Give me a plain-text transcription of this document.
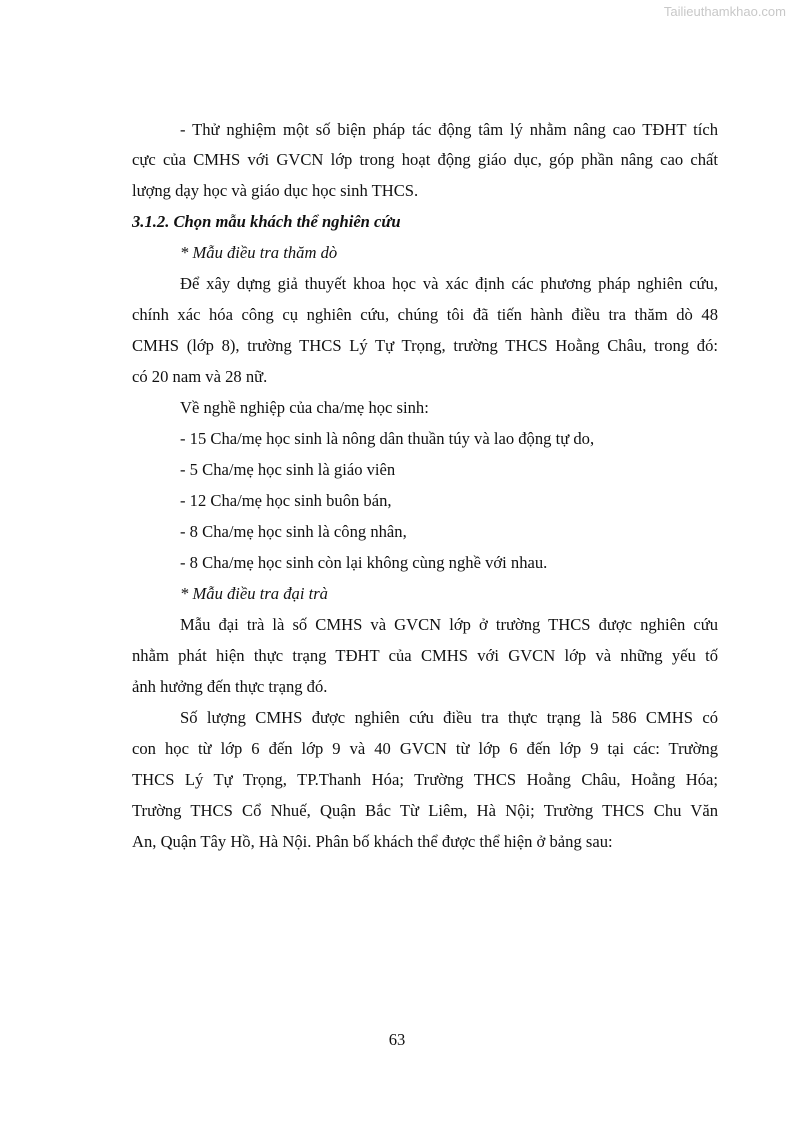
Tailieuthamkhao.com
- Thử nghiệm một số biện pháp tác động tâm lý nhằm nâng cao TĐHT tích
cực của CMHS với GVCN lớp trong hoạt động giáo dục, góp phần nâng cao chất
lượng dạy học và giáo dục học sinh THCS.
3.1.2. Chọn mẫu khách thể nghiên cứu
* Mẫu điều tra thăm dò
Để xây dựng giả thuyết khoa học và xác định các phương pháp nghiên cứu,
chính xác hóa công cụ nghiên cứu, chúng tôi đã tiến hành điều tra thăm dò 48
CMHS (lớp 8), trường THCS Lý Tự Trọng, trường THCS Hoằng Châu, trong đó:
có 20 nam và 28 nữ.
Về nghề nghiệp của cha/mẹ học sinh:
- 15 Cha/mẹ học sinh là nông dân thuần túy và lao động tự do,
- 5 Cha/mẹ học sinh là giáo viên
- 12 Cha/mẹ học sinh buôn bán,
- 8 Cha/mẹ học sinh là công nhân,
- 8 Cha/mẹ học sinh còn lại không cùng nghề với nhau.
* Mẫu điều tra đại trà
Mẫu đại trà là số CMHS và GVCN lớp ở trường THCS được nghiên cứu
nhằm phát hiện thực trạng TĐHT của CMHS với GVCN lớp và những yếu tố
ảnh hưởng đến thực trạng đó.
Số lượng CMHS được nghiên cứu điều tra thực trạng là 586 CMHS có
con học từ lớp 6 đến lớp 9 và 40 GVCN từ lớp 6 đến lớp 9 tại các: Trường
THCS Lý Tự Trọng, TP.Thanh Hóa; Trường THCS Hoằng Châu, Hoằng Hóa;
Trường THCS Cổ Nhuế, Quận Bắc Từ Liêm, Hà Nội; Trường THCS Chu Văn
An, Quận Tây Hồ, Hà Nội. Phân bố khách thể được thể hiện ở bảng sau:
63
